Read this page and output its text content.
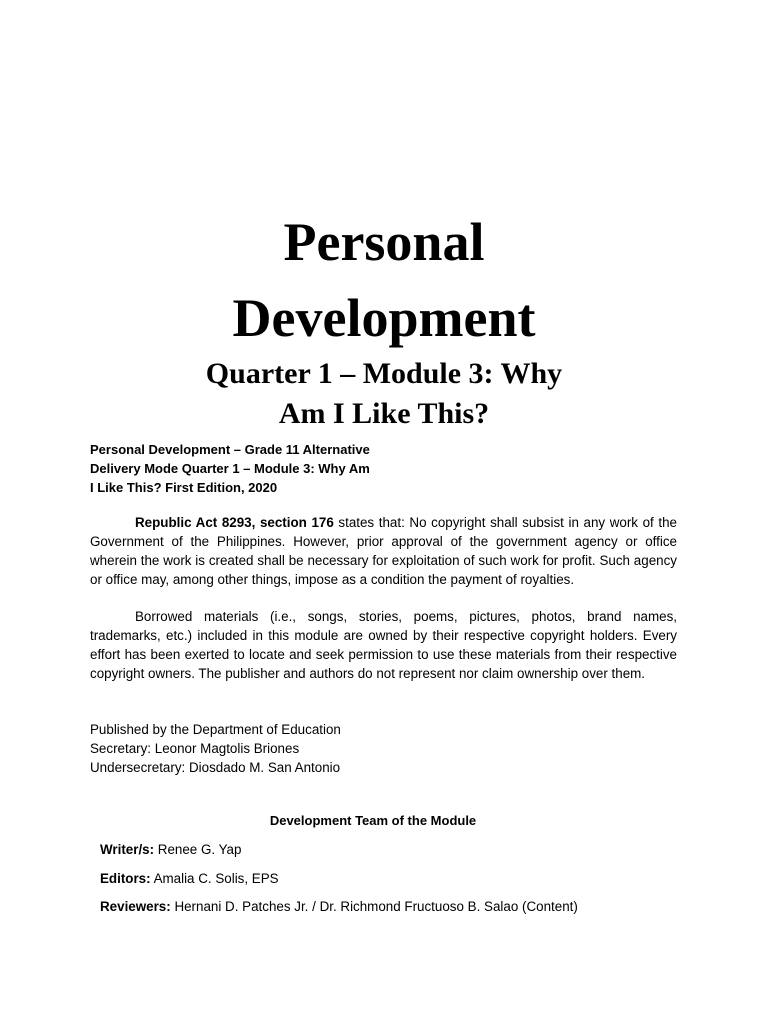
Personal
Development
Quarter 1 – Module 3: Why
Am I Like This?
Personal Development – Grade 11 Alternative
Delivery Mode Quarter 1 – Module 3: Why Am
I Like This? First Edition, 2020

Republic Act 8293, section 176 states that: No copyright shall subsist in any work of the Government of the Philippines. However, prior approval of the government agency or office wherein the work is created shall be necessary for exploitation of such work for profit. Such agency or office may, among other things, impose as a condition the payment of royalties.

Borrowed materials (i.e., songs, stories, poems, pictures, photos, brand names, trademarks, etc.) included in this module are owned by their respective copyright holders. Every effort has been exerted to locate and seek permission to use these materials from their respective copyright owners. The publisher and authors do not represent nor claim ownership over them.

Published by the Department of Education
Secretary: Leonor Magtolis Briones
Undersecretary: Diosdado M. San Antonio
Development Team of the Module
Writer/s: Renee G. Yap
Editors: Amalia C. Solis, EPS
Reviewers: Hernani D. Patches Jr. / Dr. Richmond Fructuoso B. Salao (Content)
